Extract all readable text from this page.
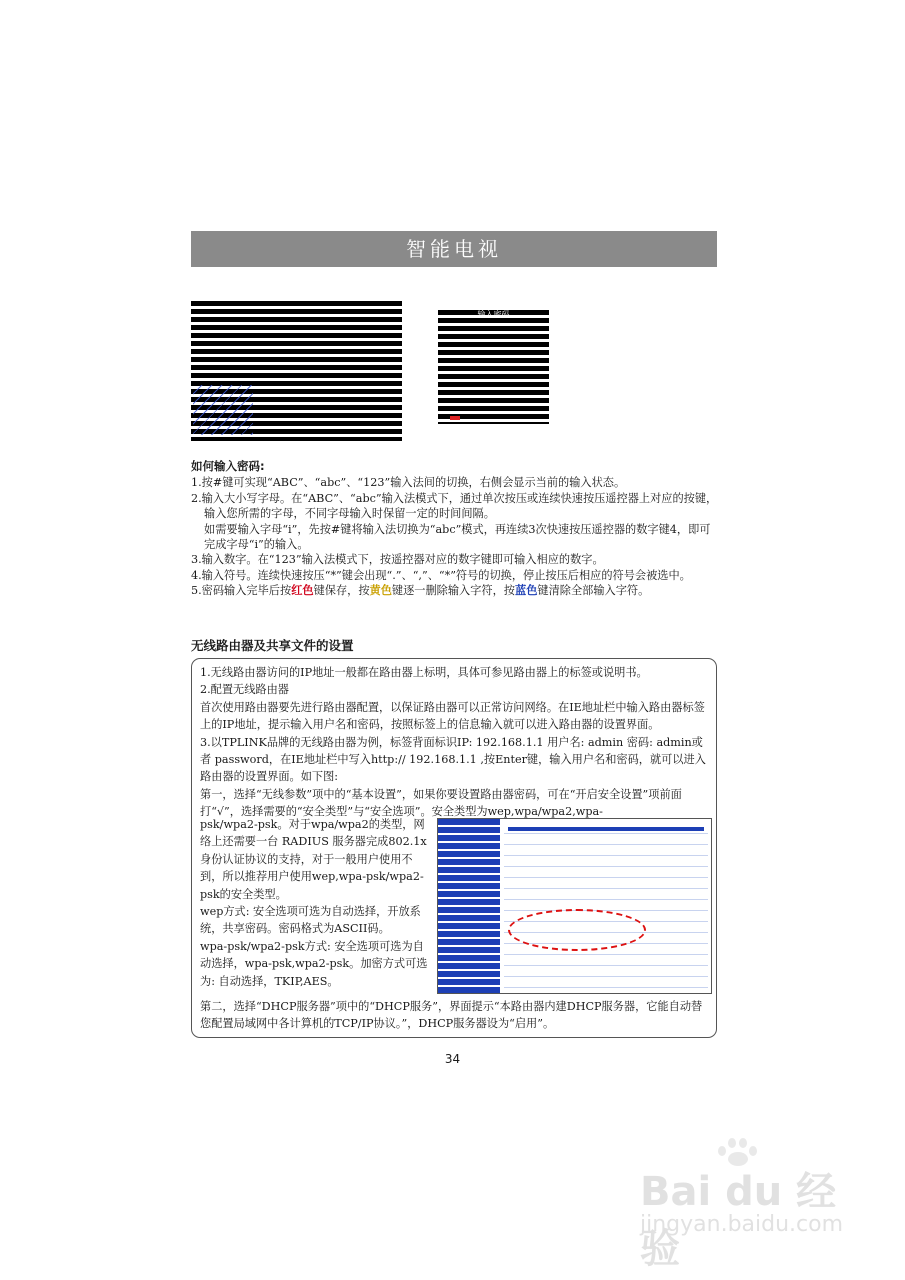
智能电视
输入密码
如何输入密码:
1.按#键可实现“ABC”、“abc”、“123”输入法间的切换，右侧会显示当前的输入状态。
2.输入大小写字母。在“ABC”、“abc”输入法模式下，通过单次按压或连续快速按压遥控器上对应的按键，输入您所需的字母，不同字母输入时保留一定的时间间隔。
如需要输入字母“i”，先按#键将输入法切换为“abc”模式，再连续3次快速按压遥控器的数字键4，即可完成字母“i”的输入。
3.输入数字。在“123”输入法模式下，按遥控器对应的数字键即可输入相应的数字。
4.输入符号。连续快速按压“*”键会出现“.”、“,”、“*”符号的切换，停止按压后相应的符号会被选中。
5.密码输入完毕后按红色键保存，按黄色键逐一删除输入字符，按蓝色键清除全部输入字符。
无线路由器及共享文件的设置

1.无线路由器访问的IP地址一般都在路由器上标明，具体可参见路由器上的标签或说明书。

2.配置无线路由器

首次使用路由器要先进行路由器配置，以保证路由器可以正常访问网络。在IE地址栏中输入路由器标签上的IP地址，提示输入用户名和密码，按照标签上的信息输入就可以进入路由器的设置界面。

3.以TPLINK品牌的无线路由器为例，标签背面标识IP: 192.168.1.1 用户名: admin 密码: admin或者 password，在IE地址栏中写入http:// 192.168.1.1 ,按Enter键，输入用户名和密码，就可以进入路由器的设置界面。如下图:

第一，选择“无线参数”项中的“基本设置”，如果你要设置路由器密码，可在“开启安全设置”项前面打“√”，选择需要的“安全类型”与“安全选项”。安全类型为wep,wpa/wpa2,wpa-

psk/wpa2-psk。对于wpa/wpa2的类型，网络上还需要一台 RADIUS 服务器完成802.1x身份认证协议的支持，对于一般用户使用不到，所以推荐用户使用wep,wpa-psk/wpa2-psk的安全类型。

wep方式: 安全选项可选为自动选择，开放系统，共享密码。密码格式为ASCII码。

wpa-psk/wpa2-psk方式: 安全选项可选为自动选择，wpa-psk,wpa2-psk。加密方式可选为: 自动选择，TKIP,AES。

第二，选择“DHCP服务器”项中的“DHCP服务”，界面提示“本路由器内建DHCP服务器，它能自动替您配置局域网中各计算机的TCP/IP协议。”，DHCP服务器设为“启用”。

34
Bai du 经验
jingyan.baidu.com
